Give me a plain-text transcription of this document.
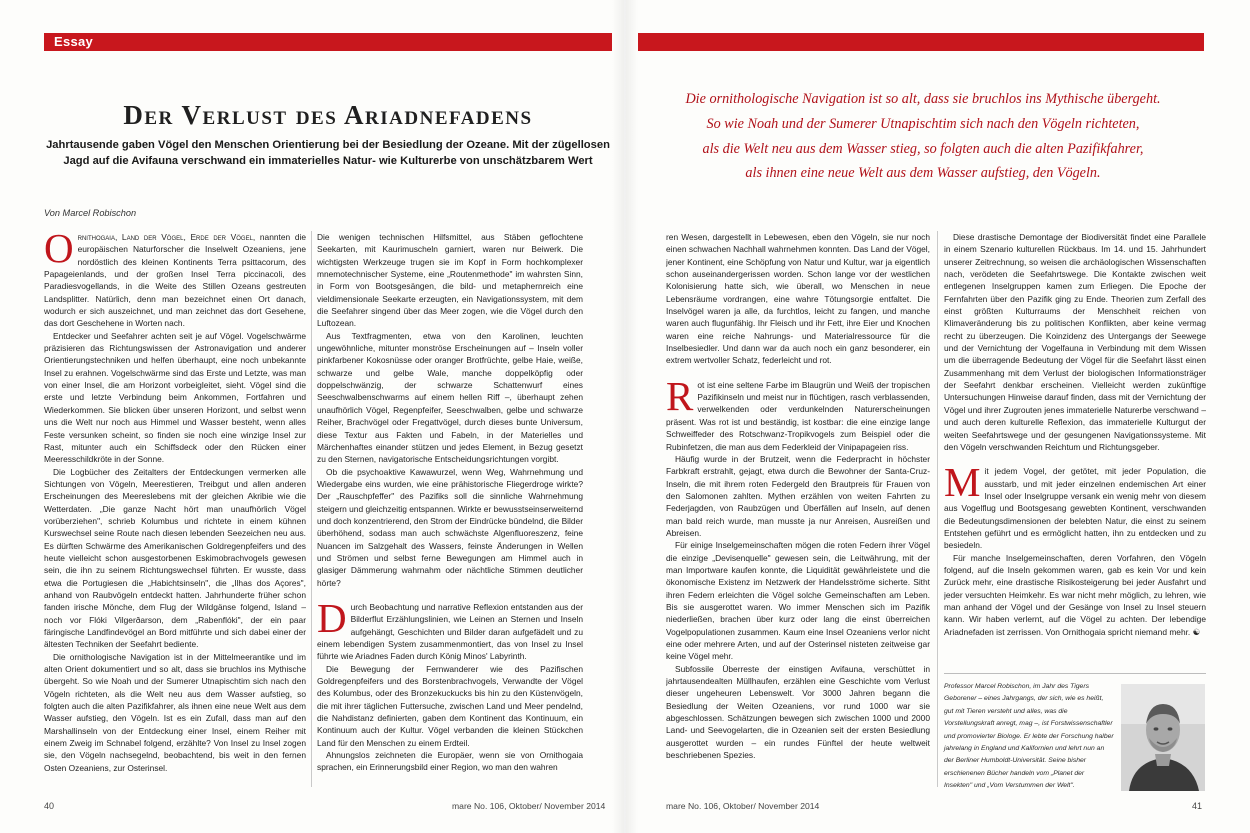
Essay
Der Verlust des Ariadnefadens
Jahrtausende gaben Vögel den Menschen Orientierung bei der Besiedlung der Ozeane. Mit der zügellosen
Jagd auf die Avifauna verschwand ein immaterielles Natur- wie Kulturerbe von unschätzbarem Wert
Von Marcel Robischon
Die ornithologische Navigation ist so alt, dass sie bruchlos ins Mythische übergeht.
So wie Noah und der Sumerer Utnapischtim sich nach den Vögeln richteten,
als die Welt neu aus dem Wasser stieg, so folgten auch die alten Pazifikfahrer,
als ihnen eine neue Welt aus dem Wasser aufstieg, den Vögeln.

Ornithogaia, Land der Vögel, Erde der Vögel, nannten die europäischen Naturforscher die Inselwelt Ozeaniens, jene nordöstlich des kleinen Kontinents Terra psittacorum, des Papageienlands, und der großen Insel Terra piccinacoli, des Paradiesvogellands, in die Weite des Stillen Ozeans gestreuten Landsplitter. Natürlich, denn man bezeichnet einen Ort danach, wodurch er sich auszeichnet, und man zeichnet das dort Gesehene, das dort Geschehene in Worten nach.

Entdecker und Seefahrer achten seit je auf Vögel. Vogelschwärme präzisieren das Richtungswissen der Astronavigation und anderer Orientierungstechniken und helfen überhaupt, eine noch unbekannte Insel zu erahnen. Vogelschwärme sind das Erste und Letzte, was man von einer Insel, die am Horizont vorbeigleitet, sieht. Vögel sind die erste und letzte Verbindung beim Ankommen, Fortfahren und Wiederkommen. Sie blicken über unseren Horizont, und selbst wenn uns die Welt nur noch aus Himmel und Wasser besteht, wenn alles Feste versunken scheint, so finden sie noch eine winzige Insel zur Rast, mitunter auch ein Schiffsdeck oder den Rücken einer Meeresschildkröte in der Sonne.

Die Logbücher des Zeitalters der Entdeckungen vermerken alle Sichtungen von Vögeln, Meerestieren, Treibgut und allen anderen Erscheinungen des Meereslebens mit der gleichen Akribie wie die Wetterdaten. „Die ganze Nacht hört man unaufhörlich Vögel vorüberziehen", schrieb Kolumbus und richtete in einem kühnen Kurswechsel seine Route nach diesen lebenden Seezeichen neu aus. Es dürften Schwärme des Amerikanischen Goldregenpfeifers und des heute vielleicht schon ausgestorbenen Eskimobrachvogels gewesen sein, die ihn zu seinem Richtungswechsel führten. Er wusste, dass etwa die Portugiesen die „Habichtsinseln", die „Ilhas dos Açores", anhand von Raubvögeln entdeckt hatten. Jahrhunderte früher schon fanden irische Mönche, dem Flug der Wildgänse folgend, Island – noch vor Flóki Vilgerðarson, dem „Rabenflóki", der ein paar färingische Landfindevögel an Bord mitführte und sich dabei einer der ältesten Techniken der Seefahrt bediente.

Die ornithologische Navigation ist in der Mittelmeerantike und im alten Orient dokumentiert und so alt, dass sie bruchlos ins Mythische übergeht. So wie Noah und der Sumerer Utnapischtim sich nach den Vögeln richteten, als die Welt neu aus dem Wasser aufstieg, so folgten auch die alten Pazifikfahrer, als ihnen eine neue Welt aus dem Wasser aufstieg, den Vögeln. Ist es ein Zufall, dass man auf den Marshallinseln von der Entdeckung einer Insel, einem Reiher mit einem Zweig im Schnabel folgend, erzählte? Von Insel zu Insel zogen sie, den Vögeln nachsegelnd, beobachtend, bis weit in den fernen Osten Ozeaniens, zur Osterinsel.

Die wenigen technischen Hilfsmittel, aus Stäben geflochtene Seekarten, mit Kaurimuscheln garniert, waren nur Beiwerk. Die wichtigsten Werkzeuge trugen sie im Kopf in Form hochkomplexer mnemotechnischer Systeme, eine „Routenmethode" im wahrsten Sinn, in Form von Bootsgesängen, die bild- und metaphernreich eine vieldimensionale Seekarte erzeugten, ein Navigationssystem, mit dem die Seefahrer singend über das Meer zogen, wie die Vögel durch den Luftozean.

Aus Textfragmenten, etwa von den Karolinen, leuchten ungewöhnliche, mitunter monströse Erscheinungen auf – Inseln voller pinkfarbener Kokosnüsse oder oranger Brotfrüchte, gelbe Haie, weiße, schwarze und gelbe Wale, manche doppelköpfig oder doppelschwänzig, der schwarze Schattenwurf eines Seeschwalbenschwarms auf einem hellen Riff –, überhaupt zehen unaufhörlich Vögel, Regenpfeifer, Seeschwalben, gelbe und schwarze Reiher, Brachvögel oder Fregattvögel, durch dieses bunte Universum, diese Textur aus Fakten und Fabeln, in der Materielles und Märchenhaftes einander stützen und jedes Element, in Bezug gesetzt zu den Sternen, navigatorische Entscheidungsrichtungen vorgibt.

Ob die psychoaktive Kawawurzel, wenn Weg, Wahrnehmung und Wiedergabe eins wurden, wie eine prähistorische Fliegerdroge wirkte? Der „Rauschpfeffer" des Pazifiks soll die sinnliche Wahrnehmung steigern und gleichzeitig entspannen. Wirkte er bewusstseinserweiternd und doch konzentrierend, den Strom der Eindrücke bündelnd, die Bilder überhöhend, sodass man auch schwächste Algenfluoreszenz, feine Nuancen im Salzgehalt des Wassers, feinste Änderungen in Wellen und Strömen und selbst ferne Bewegungen am Himmel auch in glasiger Dämmerung wahrnahm oder nächtliche Stimmen deutlicher hörte?

Durch Beobachtung und narrative Reflexion entstanden aus der Bilderflut Erzählungslinien, wie Leinen an Sternen und Inseln aufgehängt, Geschichten und Bilder daran aufgefädelt und zu einem lebendigen System zusammenmontiert, das von Insel zu Insel führte wie Ariadnes Faden durch König Minos' Labyrinth.

Die Bewegung der Fernwanderer wie des Pazifischen Goldregenpfeifers und des Borstenbrachvogels, Verwandte der Vögel des Kolumbus, oder des Bronzekuckucks bis hin zu den Küstenvögeln, die mit ihrer täglichen Futtersuche, zwischen Land und Meer pendelnd, die Nahdistanz definierten, gaben dem Kontinent das Kontinuum, ein Kontinuum auch der Kultur. Vögel verbanden die kleinen Stückchen Land für den Menschen zu einem Erdteil.

Ahnungslos zeichneten die Europäer, wenn sie von Ornithogaia sprachen, ein Erinnerungsbild einer Region, wo man den wahren

ren Wesen, dargestellt in Lebewesen, eben den Vögeln, sie nur noch einen schwachen Nachhall wahrnehmen konnten. Das Land der Vögel, jener Kontinent, eine Schöpfung von Natur und Kultur, war ja eigentlich schon auseinandergerissen worden. Schon lange vor der westlichen Kolonisierung hatte sich, wie überall, wo Menschen in neue Lebensräume vordrangen, eine wahre Tötungsorgie entfaltet. Die Inselvögel waren ja alle, da furchtlos, leicht zu fangen, und manche waren auch flugunfähig. Ihr Fleisch und ihr Fett, ihre Eier und Knochen waren eine reiche Nahrungs- und Materialressource für die Inselbesiedler. Und dann war da auch noch ein ganz besonderer, ein extrem wertvoller Schatz, federleicht und rot.

Rot ist eine seltene Farbe im Blaugrün und Weiß der tropischen Pazifikinseln und meist nur in flüchtigen, rasch verblassenden, verwelkenden oder verdunkelnden Naturerscheinungen präsent. Was rot ist und beständig, ist kostbar: die eine einzige lange Schweiffeder des Rotschwanz-Tropikvogels zum Beispiel oder die Rubinfetzen, die man aus dem Federkleid der Vinipapageien riss.

Häufig wurde in der Brutzeit, wenn die Federpracht in höchster Farbkraft erstrahlt, gejagt, etwa durch die Bewohner der Santa-Cruz-Inseln, die mit ihrem roten Federgeld den Brautpreis für Frauen von den Salomonen zahlten. Mythen erzählen von weiten Fahrten zu Federjagden, von Raubzügen und Überfällen auf Inseln, auf denen man bald reich wurde, man musste ja nur Anreisen, Ausreißen und Abreisen.

Für einige Inselgemeinschaften mögen die roten Federn ihrer Vögel die einzige „Devisenquelle" gewesen sein, die Leitwährung, mit der man Importware kaufen konnte, die Liquidität gewährleistete und die ökonomische Existenz im Netzwerk der Handelsströme sicherte. Sitht ihren Federn erleichten die Vögel solche Gemeinschaften am Leben. Bis sie ausgerottet waren. Wo immer Menschen sich im Pazifik niederließen, brachen über kurz oder lang die einst überreichen Vogelpopulationen zusammen. Kaum eine Insel Ozeaniens verlor nicht eine oder mehrere Arten, und auf der Osterinsel nisteten zeitweise gar keine Vögel mehr.

Subfossile Überreste der einstigen Avifauna, verschüttet in jahrtausendealten Müllhaufen, erzählen eine Geschichte vom Verlust dieser ungeheuren Lebenswelt. Vor 3000 Jahren begann die Besiedlung der Weiten Ozeaniens, vor rund 1000 war sie abgeschlossen. Schätzungen bewegen sich zwischen 1000 und 2000 Land- und Seevogelarten, die in Ozeanien seit der ersten Besiedlung ausgerottet wurden – ein rundes Fünftel der heute weltweit beschriebenen Spezies.

Diese drastische Demontage der Biodiversität findet eine Parallele in einem Szenario kulturellen Rückbaus. Im 14. und 15. Jahrhundert unserer Zeitrechnung, so weisen die archäologischen Wissenschaften nach, verödeten die Seefahrtswege. Die Kontakte zwischen weit entlegenen Inselgruppen kamen zum Erliegen. Die Epoche der Fernfahrten über den Pazifik ging zu Ende. Theorien zum Zerfall des einst größten Kulturraums der Menschheit reichen von Klimaveränderung bis zu politischen Konflikten, aber keine vermag recht zu überzeugen. Die Koinzidenz des Untergangs der Seewege und der Vernichtung der Vogelfauna in Verbindung mit dem Wissen um die überragende Bedeutung der Vögel für die Seefahrt lässt einen Zusammenhang mit dem Verlust der biologischen Informationsträger der Seefahrt denkbar erscheinen. Vielleicht werden zukünftige Untersuchungen Hinweise darauf finden, dass mit der Vernichtung der Vögel und ihrer Zugrouten jenes immaterielle Naturerbe verschwand – und auch deren kulturelle Reflexion, das immaterielle Kulturgut der weiten Seefahrtswege und der gesungenen Navigationssysteme. Mit den Vögeln verschwanden Reichtum und Richtungsgeber.

Mit jedem Vogel, der getötet, mit jeder Population, die ausstarb, und mit jeder einzelnen endemischen Art einer Insel oder Inselgruppe versank ein wenig mehr von diesem aus Vogelflug und Bootsgesang gewebten Kontinent, verschwanden die Bedeutungsdimensionen der belebten Natur, die einst zu seinem Entstehen geführt und es ermöglicht hatten, ihn zu entdecken und zu besiedeln.

Für manche Inselgemeinschaften, deren Vorfahren, den Vögeln folgend, auf die Inseln gekommen waren, gab es kein Vor und kein Zurück mehr, eine drastische Risikosteigerung bei jeder Ausfahrt und jeder versuchten Heimkehr. Es war nicht mehr möglich, zu lehren, wie man anhand der Vögel und der Gesänge von Insel zu Insel steuern kann. Wir haben verlernt, auf die Vögel zu achten. Der lebendige Ariadnefaden ist zerrissen. Von Ornithogaia spricht niemand mehr. ☯

Professor Marcel Robischon, im Jahr des Tigers Geborener – eines Jahrgangs, der sich, wie es heißt, gut mit Tieren versteht und alles, was die Vorstellungskraft anregt, mag –, ist Forstwissenschaftler und promovierter Biologe. Er lebte der Forschung halber jahrelang in England und Kalifornien und lehrt nun an der Berliner Humboldt-Universität. Seine bisher erschienenen Bücher handeln vom „Planet der Insekten" und „Vom Verstummen der Welt".
40	mare No. 106, Oktober/ November 2014	mare No. 106, Oktober/ November 2014	41
